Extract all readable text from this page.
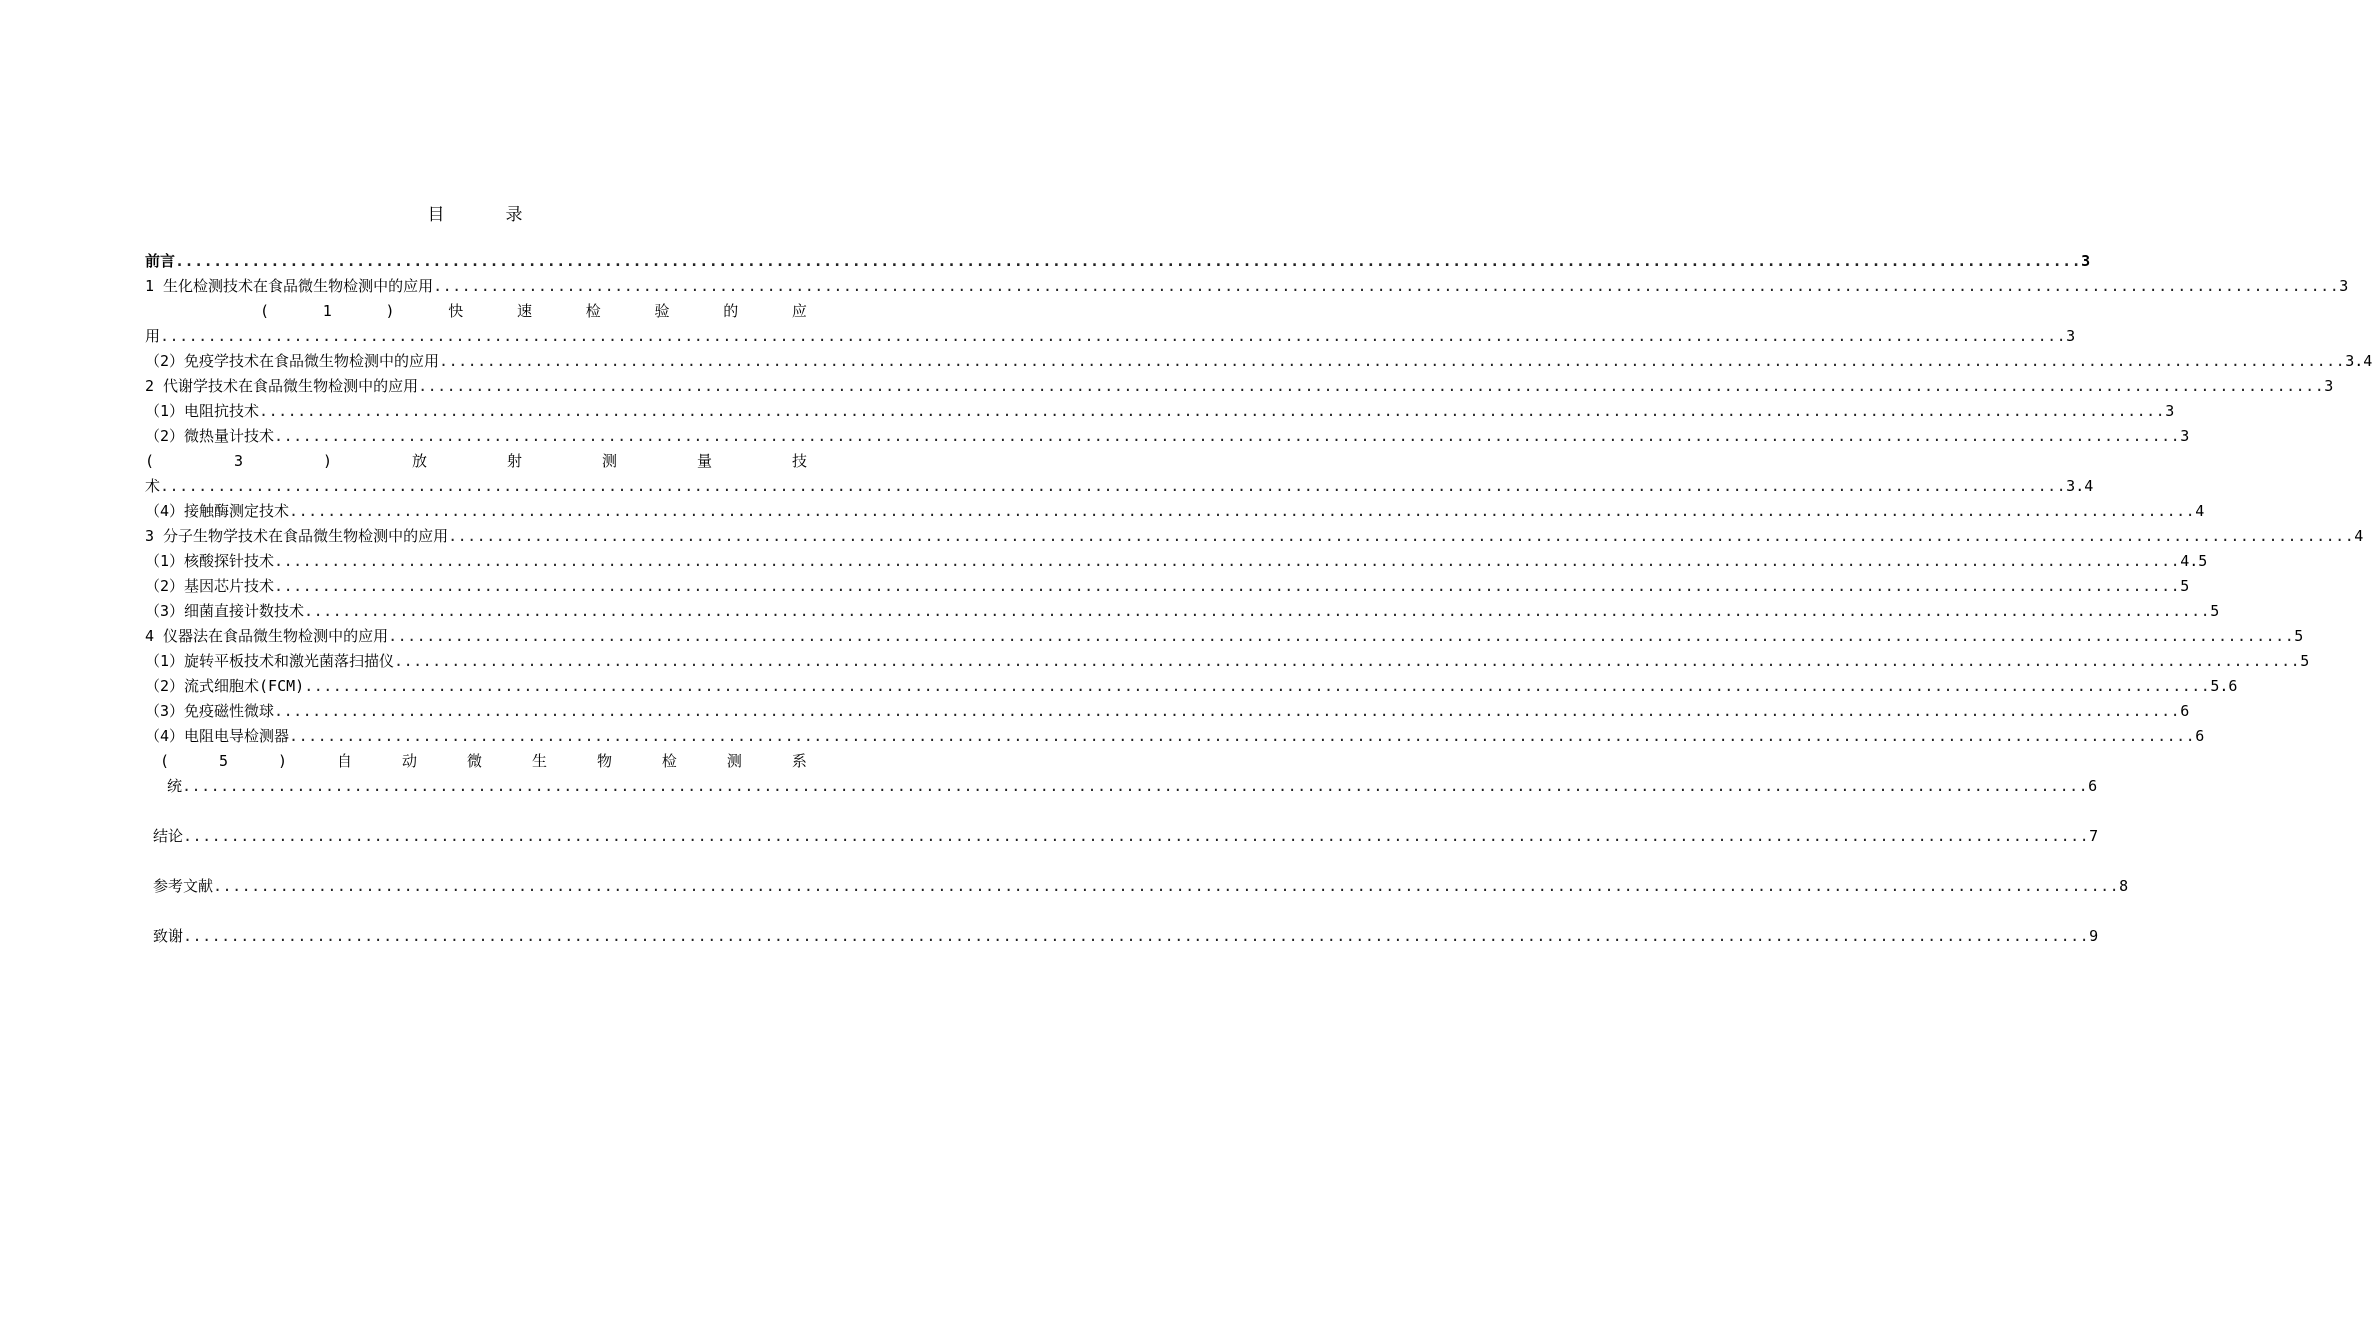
目　录
前言 ........................................................................................................................................................................................................ 3
1 生化检测技术在食品微生物检测中的应用 ........................................................................................................................................................................................................ 3
(	1	)	快	速	检	验	的	应
用 ........................................................................................................................................................................................................ 3
（2）免疫学技术在食品微生物检测中的应用 ........................................................................................................................................................................................................ 3.4
2 代谢学技术在食品微生物检测中的应用 ........................................................................................................................................................................................................ 3
（1）电阻抗技术 ........................................................................................................................................................................................................ 3
（2）微热量计技术 ........................................................................................................................................................................................................ 3
(	3	)	放	射	测	量	技
术 ........................................................................................................................................................................................................ 3.4
（4）接触酶测定技术 ........................................................................................................................................................................................................ 4
3 分子生物学技术在食品微生物检测中的应用 ........................................................................................................................................................................................................ 4
（1）核酸探针技术 ........................................................................................................................................................................................................ 4.5
（2）基因芯片技术 ........................................................................................................................................................................................................ 5
（3）细菌直接计数技术 ........................................................................................................................................................................................................ 5
4 仪器法在食品微生物检测中的应用 ........................................................................................................................................................................................................ 5
（1）旋转平板技术和激光菌落扫描仪 ........................................................................................................................................................................................................ 5
（2）流式细胞术(FCM) ........................................................................................................................................................................................................ 5.6
（3）免疫磁性微球 ........................................................................................................................................................................................................ 6
（4）电阻电导检测器 ........................................................................................................................................................................................................ 6
(	5	)	自	动	微	生	物	检	测	系
统 ........................................................................................................................................................................................................ 6
结论 ........................................................................................................................................................................................................ 7
参考文献 ........................................................................................................................................................................................................ 8
致谢 ........................................................................................................................................................................................................ 9
